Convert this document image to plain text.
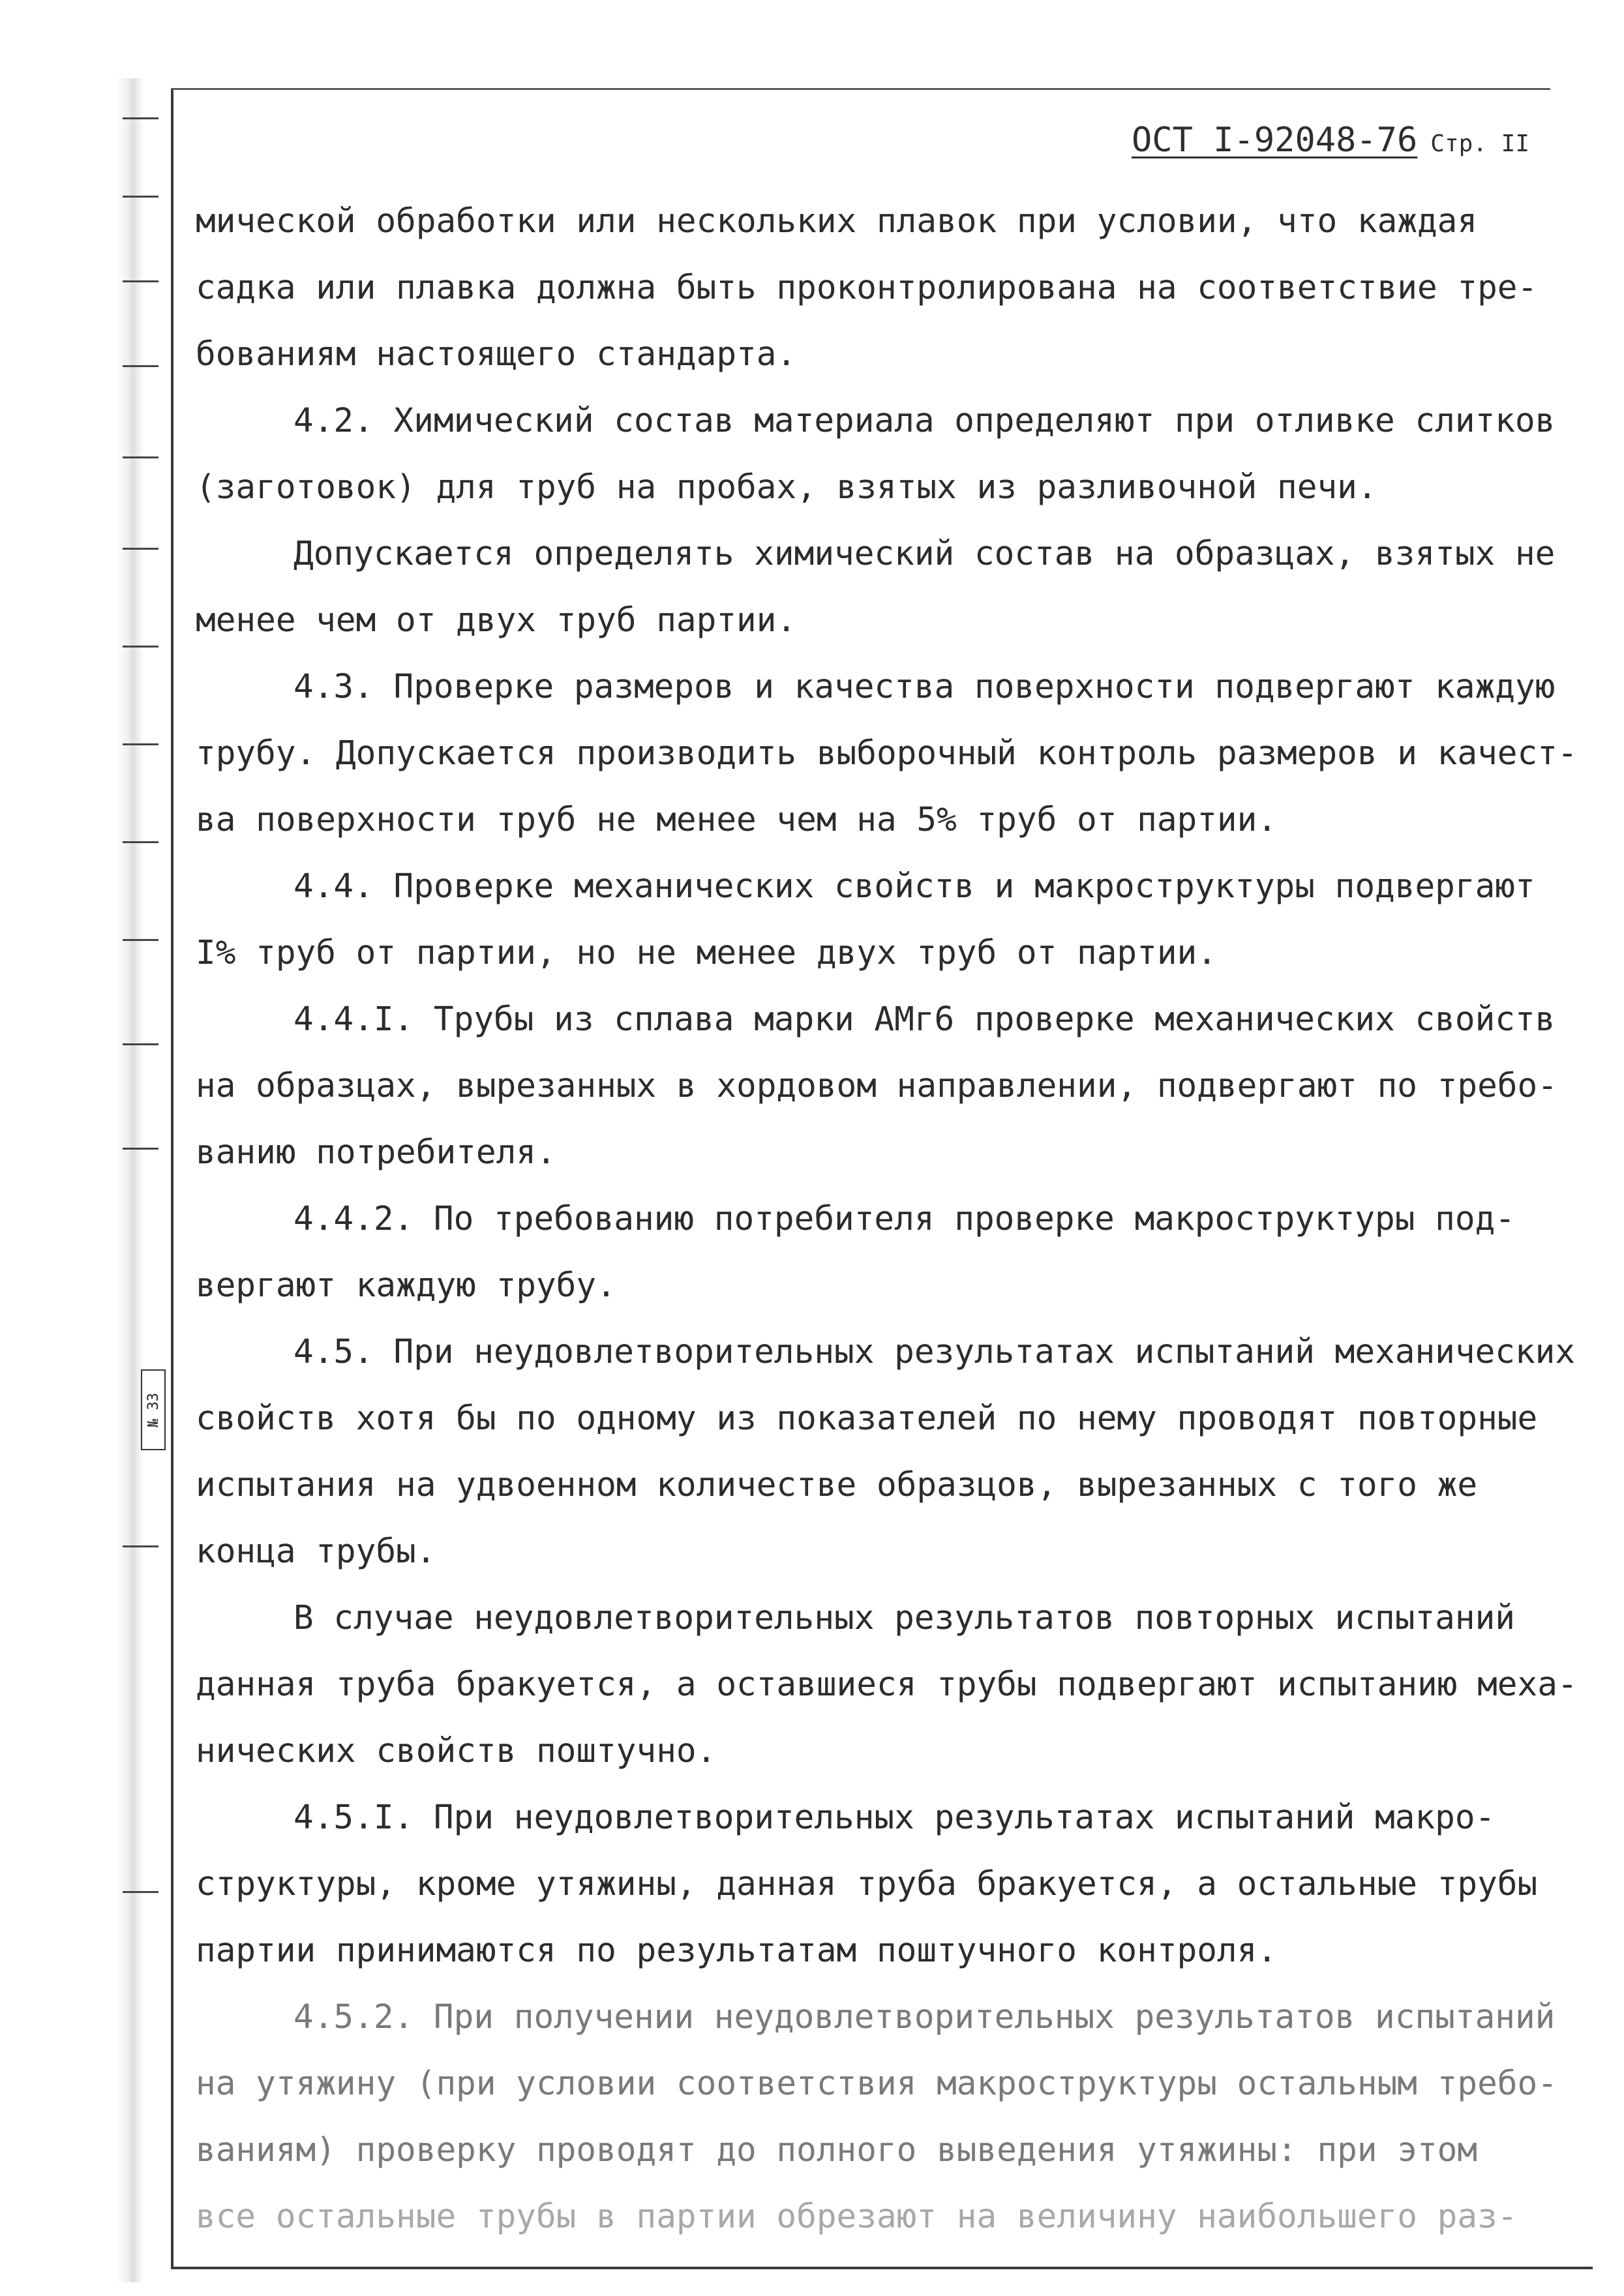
№ 33
ОСТ I-92048-76 Стр. II
мической обработки или нескольких плавок при условии, что каждая
садка или плавка должна быть проконтролирована на соответствие тре-
бованиям настоящего стандарта.
4.2. Химический состав материала определяют при отливке слитков
(заготовок) для труб на пробах, взятых из разливочной печи.
Допускается определять химический состав на образцах, взятых не
менее чем от двух труб партии.
4.3. Проверке размеров и качества поверхности подвергают каждую
трубу. Допускается производить выборочный контроль размеров и качест-
ва поверхности труб не менее чем на 5% труб от партии.
4.4. Проверке механических свойств и макроструктуры подвергают
I% труб от партии, но не менее двух труб от партии.
4.4.I. Трубы из сплава марки АМг6 проверке механических свойств
на образцах, вырезанных в хордовом направлении, подвергают по требо-
ванию потребителя.
4.4.2. По требованию потребителя проверке макроструктуры под-
вергают каждую трубу.
4.5. При неудовлетворительных результатах испытаний механических
свойств хотя бы по одному из показателей по нему проводят повторные
испытания на удвоенном количестве образцов, вырезанных с того же
конца трубы.
В случае неудовлетворительных результатов повторных испытаний
данная труба бракуется, а оставшиеся трубы подвергают испытанию меха-
нических свойств поштучно.
4.5.I. При неудовлетворительных результатах испытаний макро-
структуры, кроме утяжины, данная труба бракуется, а остальные трубы
партии принимаются по результатам поштучного контроля.
4.5.2. При получении неудовлетворительных результатов испытаний
на утяжину (при условии соответствия макроструктуры остальным требо-
ваниям) проверку проводят до полного выведения утяжины: при этом
все остальные трубы в партии обрезают на величину наибольшего раз-
